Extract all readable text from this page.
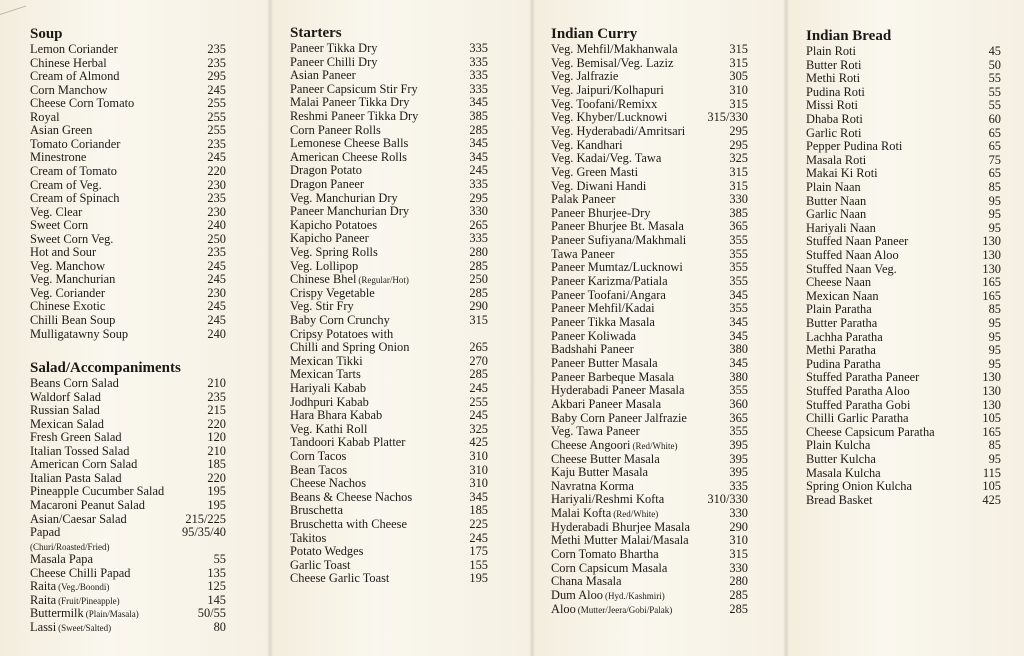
Soup
Lemon Coriander	235
Chinese Herbal	235
Cream of Almond	295
Corn Manchow	245
Cheese Corn Tomato	255
Royal	255
Asian Green	255
Tomato Coriander	235
Minestrone	245
Cream of Tomato	220
Cream of Veg.	230
Cream of Spinach	235
Veg. Clear	230
Sweet Corn	240
Sweet Corn Veg.	250
Hot and Sour	235
Veg. Manchow	245
Veg. Manchurian	245
Veg. Coriander	230
Chinese Exotic	245
Chilli Bean Soup	245
Mulligatawny Soup	240
Salad/Accompaniments
Beans Corn Salad	210
Waldorf Salad	235
Russian Salad	215
Mexican Salad	220
Fresh Green Salad	120
Italian Tossed Salad	210
American Corn Salad	185
Italian Pasta Salad	220
Pineapple Cucumber Salad	195
Macaroni Peanut Salad	195
Asian/Caesar Salad	215/225
Papad	95/35/40
(Churi/Roasted/Fried)
Masala Papa	55
Cheese Chilli Papad	135
Raita (Veg./Boondi)	125
Raita (Fruit/Pineapple)	145
Buttermilk (Plain/Masala)	50/55
Lassi (Sweet/Salted)	80
Starters
Paneer Tikka Dry	335
Paneer Chilli Dry	335
Asian Paneer	335
Paneer Capsicum Stir Fry	335
Malai Paneer Tikka Dry	345
Reshmi Paneer Tikka Dry	385
Corn Paneer Rolls	285
Lemonese Cheese Balls	345
American Cheese Rolls	345
Dragon Potato	245
Dragon Paneer	335
Veg. Manchurian Dry	295
Paneer Manchurian Dry	330
Kapicho Potatoes	265
Kapicho Paneer	335
Veg. Spring Rolls	280
Veg. Lollipop	285
Chinese Bhel (Regular/Hot)	250
Crispy Vegetable	285
Veg. Stir Fry	290
Baby Corn Crunchy	315
Cripsy Potatoes with
Chilli and Spring Onion	265
Mexican Tikki	270
Mexican Tarts	285
Hariyali Kabab	245
Jodhpuri Kabab	255
Hara Bhara Kabab	245
Veg. Kathi Roll	325
Tandoori Kabab Platter	425
Corn Tacos	310
Bean Tacos	310
Cheese Nachos	310
Beans & Cheese Nachos	345
Bruschetta	185
Bruschetta with Cheese	225
Takitos	245
Potato Wedges	175
Garlic Toast	155
Cheese Garlic Toast	195
Indian Curry
Veg. Mehfil/Makhanwala	315
Veg. Bemisal/Veg. Laziz	315
Veg. Jalfrazie	305
Veg. Jaipuri/Kolhapuri	310
Veg. Toofani/Remixx	315
Veg. Khyber/Lucknowi	315/330
Veg. Hyderabadi/Amritsari	295
Veg. Kandhari	295
Veg. Kadai/Veg. Tawa	325
Veg. Green Masti	315
Veg. Diwani Handi	315
Palak Paneer	330
Paneer Bhurjee-Dry	385
Paneer Bhurjee Bt. Masala	365
Paneer Sufiyana/Makhmali	355
Tawa Paneer	355
Paneer Mumtaz/Lucknowi	355
Paneer Karizma/Patiala	355
Paneer Toofani/Angara	345
Paneer Mehfil/Kadai	355
Paneer Tikka Masala	345
Paneer Koliwada	345
Badshahi Paneer	380
Paneer Butter Masala	345
Paneer Barbeque Masala	380
Hyderabadi Paneer Masala	355
Akbari Paneer Masala	360
Baby Corn Paneer Jalfrazie	365
Veg. Tawa Paneer	355
Cheese Angoori (Red/White)	395
Cheese Butter Masala	395
Kaju Butter Masala	395
Navratna Korma	335
Hariyali/Reshmi Kofta	310/330
Malai Kofta (Red/White)	330
Hyderabadi Bhurjee Masala	290
Methi Mutter Malai/Masala	310
Corn Tomato Bhartha	315
Corn Capsicum Masala	330
Chana Masala	280
Dum Aloo (Hyd./Kashmiri)	285
Aloo (Mutter/Jeera/Gobi/Palak)	285
Indian Bread
Plain Roti	45
Butter Roti	50
Methi Roti	55
Pudina Roti	55
Missi Roti	55
Dhaba Roti	60
Garlic Roti	65
Pepper Pudina Roti	65
Masala Roti	75
Makai Ki Roti	65
Plain Naan	85
Butter Naan	95
Garlic Naan	95
Hariyali Naan	95
Stuffed Naan Paneer	130
Stuffed Naan Aloo	130
Stuffed Naan Veg.	130
Cheese Naan	165
Mexican Naan	165
Plain Paratha	85
Butter Paratha	95
Lachha Paratha	95
Methi Paratha	95
Pudina Paratha	95
Stuffed Paratha Paneer	130
Stuffed Paratha Aloo	130
Stuffed Paratha Gobi	130
Chilli Garlic Paratha	105
Cheese Capsicum Paratha	165
Plain Kulcha	85
Butter Kulcha	95
Masala Kulcha	115
Spring Onion Kulcha	105
Bread Basket	425
